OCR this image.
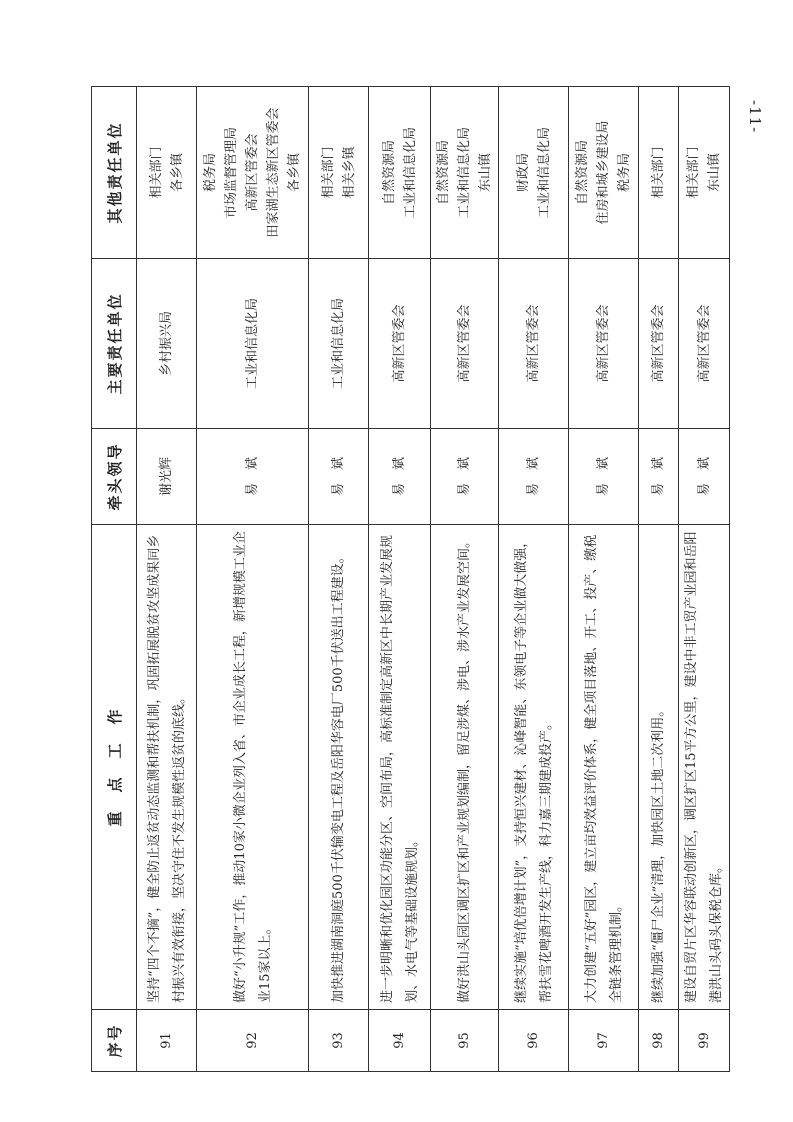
-11-
序号	重　点　工　作	牵头领导	主要责任单位	其他责任单位
91	坚持“四个不摘”，健全防止返贫动态监测和帮扶机制，巩固拓展脱贫攻坚成果同乡村振兴有效衔接，坚决守住不发生规模性返贫的底线。	谢光辉	乡村振兴局	相关部门 各乡镇

92	做好“小升规”工作，推动10家小微企业列入省、市企业成长工程，新增规模工业企业15家以上。	易　斌	工业和信息化局	税务局 市场监督管理局 高新区管委会 田家湖生态新区管委会 各乡镇

93	加快推进湖南洞庭500千伏输变电工程及岳阳华容电厂500千伏送出工程建设。	易　斌	工业和信息化局	相关部门 相关乡镇

94	进一步明晰和优化园区功能分区、空间布局，高标准制定高新区中长期产业发展规划、水电气等基础设施规划。	易　斌	高新区管委会	自然资源局 工业和信息化局

95	做好洪山头园区调区扩区和产业规划编制，留足涉煤、涉电、涉水产业发展空间。	易　斌	高新区管委会	自然资源局 工业和信息化局 东山镇

96	继续实施“培优倍增计划”，支持恒兴建材、沁峰智能、东领电子等企业做大做强，帮扶雪花啤酒开发生产线，科力嘉三期建成投产。	易　斌	高新区管委会	财政局 工业和信息化局

97	大力创建“五好”园区，建立亩均效益评价体系，健全项目落地、开工、投产、缴税全链条管理机制。	易　斌	高新区管委会	自然资源局 住房和城乡建设局 税务局

98	继续加强“僵尸企业”清理，加快园区土地二次利用。	易　斌	高新区管委会	相关部门

99	建设自贸片区华容联动创新区，调区扩区15平方公里，建设中非工贸产业园和岳阳港洪山头码头保税仓库。	易　斌	高新区管委会	相关部门 东山镇
